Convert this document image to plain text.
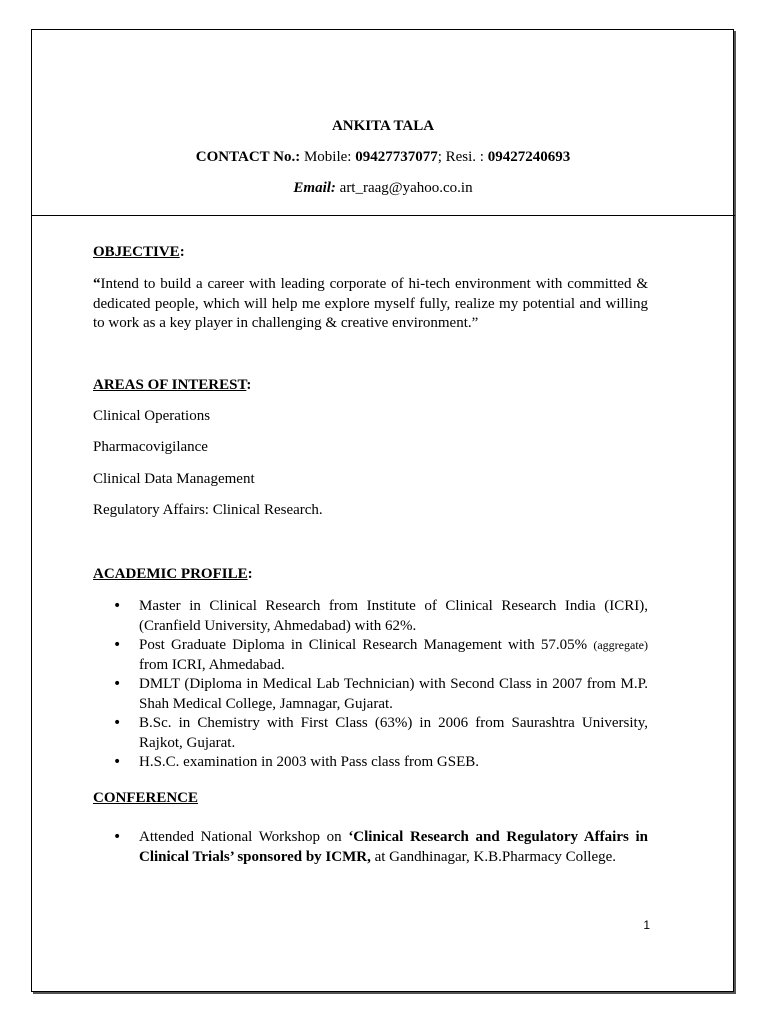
ANKITA TALA
CONTACT No.: Mobile: 09427737077; Resi. : 09427240693
Email: art_raag@yahoo.co.in
OBJECTIVE:
“Intend to build a career with leading corporate of hi-tech environment with committed & dedicated people, which will help me explore myself fully, realize my potential and willing to work as a key player in challenging & creative environment.”
AREAS OF INTEREST:
Clinical Operations
Pharmacovigilance
Clinical Data Management
Regulatory Affairs: Clinical Research.
ACADEMIC PROFILE:
• Master in Clinical Research from Institute of Clinical Research India (ICRI), (Cranfield University, Ahmedabad) with 62%.
• Post Graduate Diploma in Clinical Research Management with 57.05% (aggregate) from ICRI, Ahmedabad.
• DMLT (Diploma in Medical Lab Technician) with Second Class in 2007 from M.P. Shah Medical College, Jamnagar, Gujarat.
• B.Sc. in Chemistry with First Class (63%) in 2006 from Saurashtra University, Rajkot, Gujarat.
• H.S.C. examination in 2003 with Pass class from GSEB.
CONFERENCE
• Attended National Workshop on ‘Clinical Research and Regulatory Affairs in Clinical Trials’ sponsored by ICMR, at Gandhinagar, K.B.Pharmacy College.
1
